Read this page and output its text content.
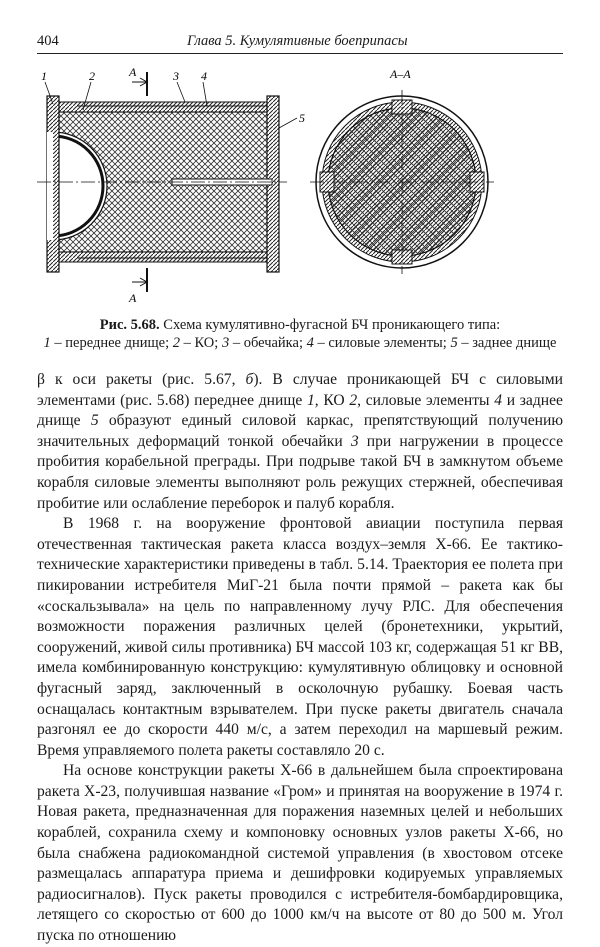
404	Глава 5. Кумулятивные боеприпасы
1	2	3 4
5
A
A
A–A
Рис. 5.68. Схема кумулятивно-фугасной БЧ проникающего типа:
1 – переднее днище; 2 – КО; 3 – обечайка; 4 – силовые элементы; 5 – заднее днище

β к оси ракеты (рис. 5.67, б). В случае проникающей БЧ с силовыми элементами (рис. 5.68) переднее днище 1, КО 2, силовые элементы 4 и заднее днище 5 образуют единый силовой каркас, препятствующий получению значительных деформаций тонкой обечайки 3 при нагружении в процессе пробития корабельной преграды. При подрыве такой БЧ в замкнутом объеме корабля силовые элементы выполняют роль режущих стержней, обеспечивая пробитие или ослабление переборок и палуб корабля.

В 1968 г. на вооружение фронтовой авиации поступила первая отечественная тактическая ракета класса воздух–земля Х-66. Ее тактико-технические характеристики приведены в табл. 5.14. Траектория ее полета при пикировании истребителя МиГ-21 была почти прямой – ракета как бы «соскальзывала» на цель по направленному лучу РЛС. Для обеспечения возможности поражения различных целей (бронетехники, укрытий, сооружений, живой силы противника) БЧ массой 103 кг, содержащая 51 кг ВВ, имела комбинированную конструкцию: кумулятивную облицовку и основной фугасный заряд, заключенный в осколочную рубашку. Боевая часть оснащалась контактным взрывателем. При пуске ракеты двигатель сначала разгонял ее до скорости 440 м/с, а затем переходил на маршевый режим. Время управляемого полета ракеты составляло 20 с.

На основе конструкции ракеты Х-66 в дальнейшем была спроектирована ракета Х-23, получившая название «Гром» и принятая на вооружение в 1974 г. Новая ракета, предназначенная для поражения наземных целей и небольших кораблей, сохранила схему и компоновку основных узлов ракеты Х-66, но была снабжена радиокомандной системой управления (в хвостовом отсеке размещалась аппаратура приема и дешифровки кодируемых управляемых радиосигналов). Пуск ракеты проводился с истребителя-бомбардировщика, летящего со скоростью от 600 до 1000 км/ч на высоте от 80 до 500 м. Угол пуска по отношению
